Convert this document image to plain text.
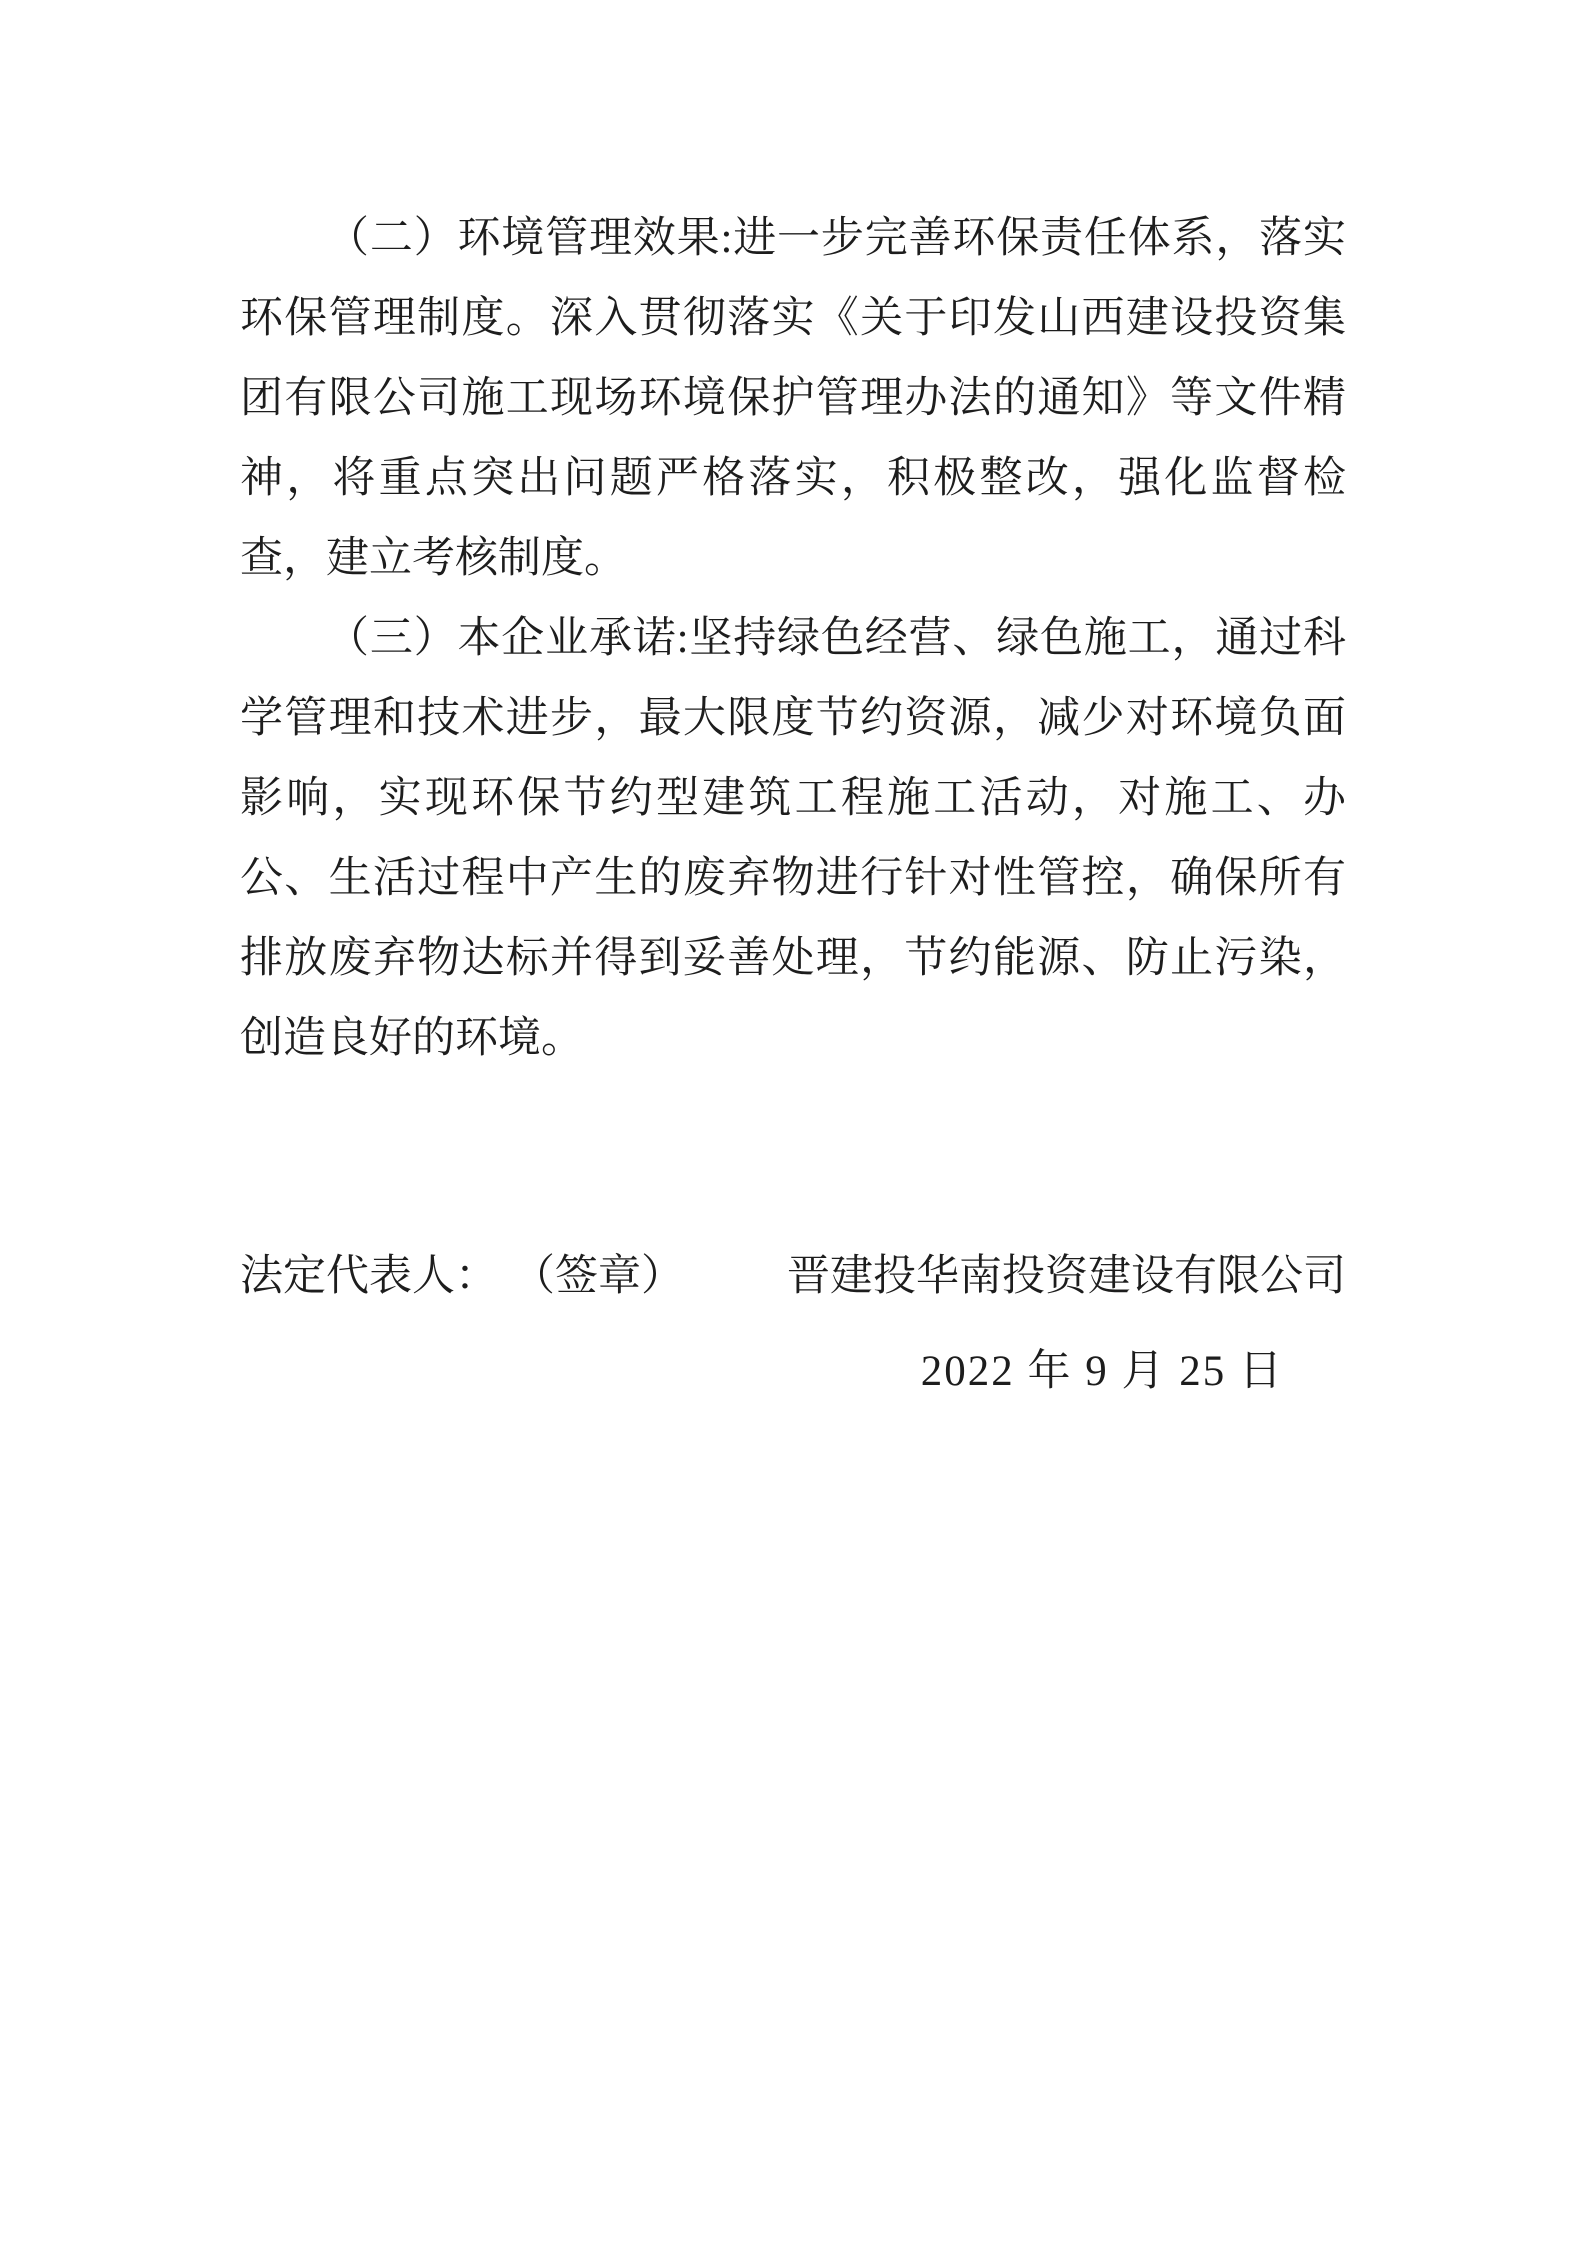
（二）环境管理效果:进一步完善环保责任体系，落实环保管理制度。深入贯彻落实《关于印发山西建设投资集团有限公司施工现场环境保护管理办法的通知》等文件精神，将重点突出问题严格落实，积极整改，强化监督检查，建立考核制度。

（三）本企业承诺:坚持绿色经营、绿色施工，通过科学管理和技术进步，最大限度节约资源，减少对环境负面影响，实现环保节约型建筑工程施工活动，对施工、办公、生活过程中产生的废弃物进行针对性管控，确保所有排放废弃物达标并得到妥善处理，节约能源、防止污染，创造良好的环境。

法定代表人： （签章） 晋建投华南投资建设有限公司
2022 年 9 月 25 日
